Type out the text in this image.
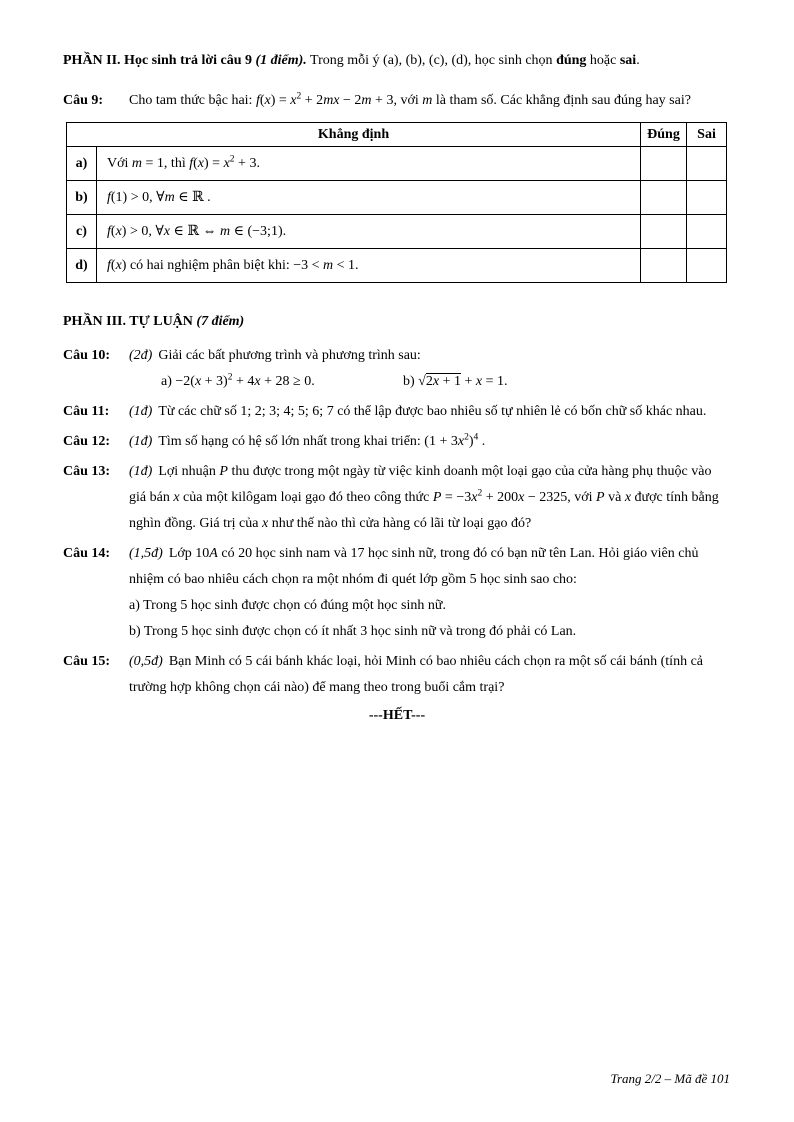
PHẦN II. Học sinh trả lời câu 9 (1 điểm). Trong mỗi ý (a), (b), (c), (d), học sinh chọn đúng hoặc sai.

Câu 9:	Cho tam thức bậc hai: $f(x) = x^2 + 2mx - 2m + 3$, với m là tham số. Các khẳng định sau đúng hay sai?
Khẳng định		Đúng	Sai
a)	Với m = 1, thì $f(x) = x^2 + 3$.		
b)	f(1) > 0, ∀m ∈ ℝ .		
c)	f(x) > 0, ∀x ∈ ℝ ⇔ m ∈ (−3;1).		
d)	f(x) có hai nghiệm phân biệt khi: −3 < m < 1.		

PHẦN III. TỰ LUẬN (7 điểm)

Câu 10:	(2đ) Giải các bất phương trình và phương trình sau:
$a) -2(x + 3)^2 + 4x + 28 \ge 0$.	b) √2x + 1 + x = 1.
Câu 11:	(1đ) Từ các chữ số 1; 2; 3; 4; 5; 6; 7 có thể lập được bao nhiêu số tự nhiên lẻ có bốn chữ số khác nhau.
Câu 12:	(1đ) Tìm số hạng có hệ số lớn nhất trong khai triển: $(1 + 3x^2)^4$ .
Câu 13:	(1đ) Lợi nhuận P thu được trong một ngày từ việc kinh doanh một loại gạo của cửa hàng phụ thuộc vào giá bán x của một kilôgam loại gạo đó theo công thức $P = -3x^2 + 200x - 2325$, với P và x được tính bằng nghìn đồng. Giá trị của x như thế nào thì cửa hàng có lãi từ loại gạo đó?
Câu 14:	(1,5đ) Lớp 10A có 20 học sinh nam và 17 học sinh nữ, trong đó có bạn nữ tên Lan. Hỏi giáo viên chủ nhiệm có bao nhiêu cách chọn ra một nhóm đi quét lớp gồm 5 học sinh sao cho:
a) Trong 5 học sinh được chọn có đúng một học sinh nữ.
b) Trong 5 học sinh được chọn có ít nhất 3 học sinh nữ và trong đó phải có Lan.
Câu 15:	(0,5đ) Bạn Minh có 5 cái bánh khác loại, hỏi Minh có bao nhiêu cách chọn ra một số cái bánh (tính cả trường hợp không chọn cái nào) để mang theo trong buổi cắm trại?

---HẾT---

Trang 2/2 – Mã đề 101
